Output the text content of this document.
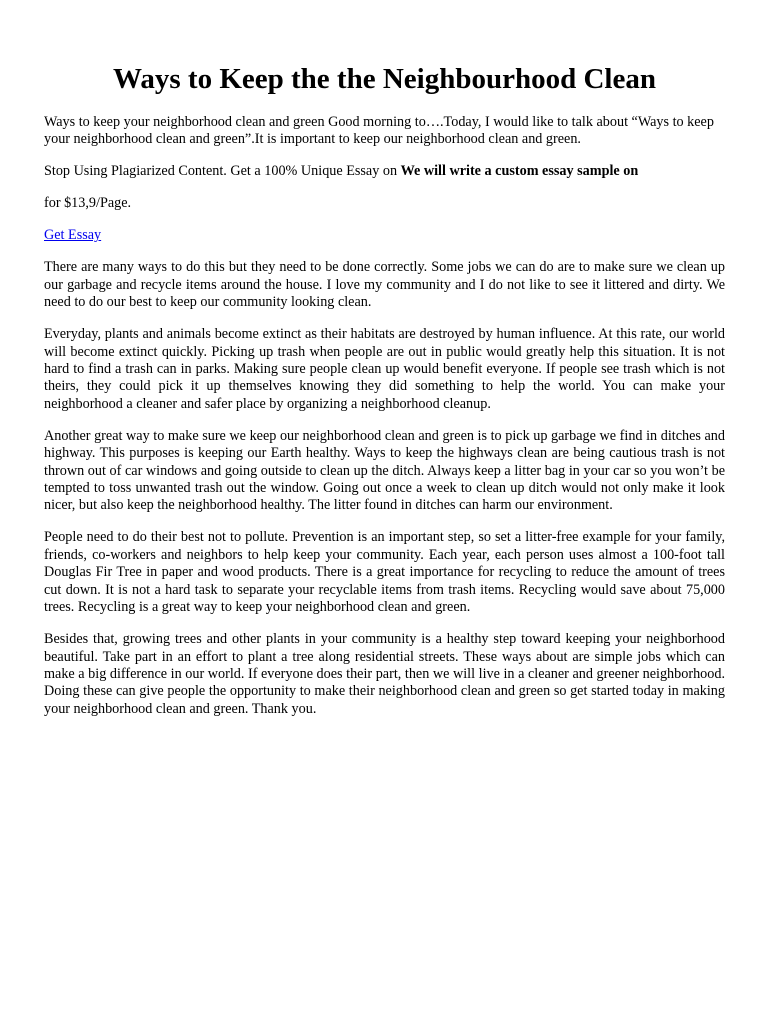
Ways to Keep the the Neighbourhood Clean

Ways to keep your neighborhood clean and green Good morning to….Today, I would like to talk about “Ways to keep your neighborhood clean and green”.It is important to keep our neighborhood clean and green.

Stop Using Plagiarized Content. Get a 100% Unique Essay on We will write a custom essay sample on

for $13,9/Page.

Get Essay

There are many ways to do this but they need to be done correctly. Some jobs we can do are to make sure we clean up our garbage and recycle items around the house. I love my community and I do not like to see it littered and dirty. We need to do our best to keep our community looking clean.

Everyday, plants and animals become extinct as their habitats are destroyed by human influence. At this rate, our world will become extinct quickly. Picking up trash when people are out in public would greatly help this situation. It is not hard to find a trash can in parks. Making sure people clean up would benefit everyone. If people see trash which is not theirs, they could pick it up themselves knowing they did something to help the world. You can make your neighborhood a cleaner and safer place by organizing a neighborhood cleanup.

Another great way to make sure we keep our neighborhood clean and green is to pick up garbage we find in ditches and highway. This purposes is keeping our Earth healthy. Ways to keep the highways clean are being cautious trash is not thrown out of car windows and going outside to clean up the ditch. Always keep a litter bag in your car so you won’t be tempted to toss unwanted trash out the window. Going out once a week to clean up ditch would not only make it look nicer, but also keep the neighborhood healthy. The litter found in ditches can harm our environment.

People need to do their best not to pollute. Prevention is an important step, so set a litter-free example for your family, friends, co-workers and neighbors to help keep your community. Each year, each person uses almost a 100-foot tall Douglas Fir Tree in paper and wood products. There is a great importance for recycling to reduce the amount of trees cut down. It is not a hard task to separate your recyclable items from trash items. Recycling would save about 75,000 trees. Recycling is a great way to keep your neighborhood clean and green.

Besides that, growing trees and other plants in your community is a healthy step toward keeping your neighborhood beautiful. Take part in an effort to plant a tree along residential streets. These ways about are simple jobs which can make a big difference in our world. If everyone does their part, then we will live in a cleaner and greener neighborhood. Doing these can give people the opportunity to make their neighborhood clean and green so get started today in making your neighborhood clean and green. Thank you.
